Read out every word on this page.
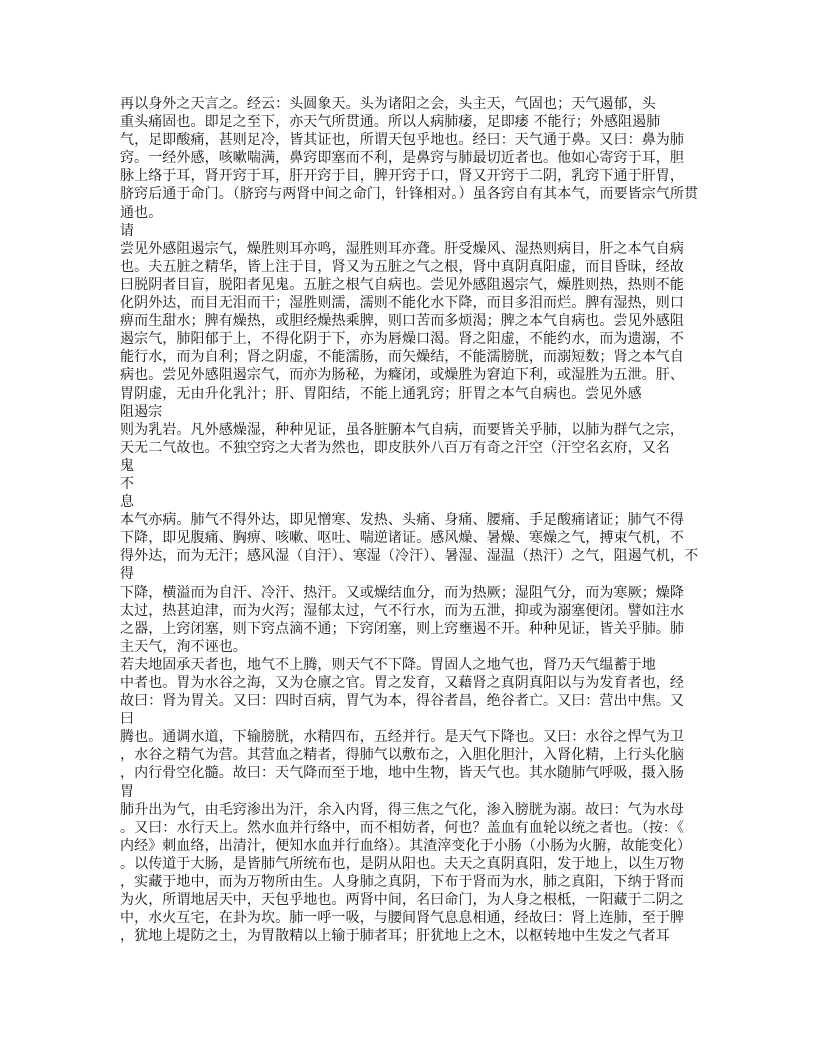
再以身外之天言之。经云：头圆象天。头为诸阳之会，头主天，气固也；天气遏郁，头
重头痛固也。即足之至下，亦天气所贯通。所以人病肺痿，足即痿 不能行；外感阻遏肺
气，足即酸痛，甚则足冷，皆其证也，所谓天包乎地也。经曰：天气通于鼻。又曰：鼻为肺
窍。一经外感，咳嗽喘满，鼻窍即塞而不利，是鼻窍与肺最切近者也。他如心寄窍于耳，胆
脉上络于耳，肾开窍于耳，肝开窍于目，脾开窍于口，肾又开窍于二阴，乳窍下通于肝胃，
脐窍后通于命门。（脐窍与两肾中间之命门，针锋相对。）虽各窍自有其本气，而要皆宗气所贯
通也。
请
尝见外感阻遏宗气，燥胜则耳亦鸣，湿胜则耳亦聋。肝受燥风、湿热则病目，肝之本气自病
也。夫五脏之精华，皆上注于目，肾又为五脏之气之根，肾中真阴真阳虚，而目昏昧，经故
曰脱阴者目盲，脱阳者见鬼。五脏之根气自病也。尝见外感阻遏宗气，燥胜则热，热则不能
化阴外达，而目无泪而干；湿胜则濡，濡则不能化水下降，而目多泪而烂。脾有湿热，则口
痹而生甜水；脾有燥热，或胆经燥热乘脾，则口苦而多烦渴；脾之本气自病也。尝见外感阻
遏宗气，肺阳郁于上，不得化阴于下，亦为唇燥口渴。肾之阳虚，不能约水，而为遗溺，不
能行水，而为自利；肾之阴虚，不能濡肠，而矢燥结，不能濡膀胱，而溺短数；肾之本气自
病也。尝见外感阻遏宗气，而亦为肠秘，为癃闭，或燥胜为窘迫下利，或湿胜为五泄。肝、
胃阴虚，无由升化乳汁；肝、胃阳结，不能上通乳窍；肝胃之本气自病也。尝见外感
阻遏宗
则为乳岩。凡外感燥湿，种种见证，虽各脏腑本气自病，而要皆关乎肺，以肺为群气之宗，
天无二气故也。不独空窍之大者为然也，即皮肤外八百万有奇之汗空（汗空名玄府，又名
鬼
不
息
本气亦病。肺气不得外达，即见憎寒、发热、头痛、身痛、腰痛、手足酸痛诸证；肺气不得
下降，即见腹痛、胸痹、咳嗽、呕吐、喘逆诸证。感风燥、暑燥、寒燥之气，搏束气机，不
得外达，而为无汗；感风湿（自汗）、寒湿（冷汗）、暑湿、湿温（热汗）之气，阻遏气机，不
得
下降，横溢而为自汗、冷汗、热汗。又或燥结血分，而为热厥；湿阻气分，而为寒厥；燥降
太过，热甚迫津，而为火泻；湿郁太过，气不行水，而为五泄，抑或为溺塞便闭。譬如注水
之器，上窍闭塞，则下窍点滴不通；下窍闭塞，则上窍壅遏不开。种种见证，皆关乎肺。肺
主天气，洵不诬也。
若夫地固承天者也，地气不上腾，则天气不下降。胃固人之地气也，肾乃天气缊蓄于地
中者也。胃为水谷之海，又为仓廪之官。胃之发育，又藉肾之真阴真阳以与为发育者也，经
故曰：肾为胃关。又曰：四时百病，胃气为本，得谷者昌，绝谷者亡。又曰：营出中焦。又
曰
腾也。通调水道，下输膀胱，水精四布，五经并行。是天气下降也。又曰：水谷之悍气为卫
，水谷之精气为营。其营血之精者，得肺气以敷布之，入胆化胆汁，入肾化精，上行头化脑
，内行骨空化髓。故曰：天气降而至于地，地中生物，皆天气也。其水随肺气呼吸，摄入肠
胃
肺升出为气，由毛窍渗出为汗，余入内肾，得三焦之气化，渗入膀胱为溺。故曰：气为水母
。又曰：水行天上。然水血并行络中，而不相妨者，何也？盖血有血轮以统之者也。（按：《
内经》刺血络，出清汁，便知水血并行血络）。其渣滓变化于小肠（小肠为火腑，故能变化）
。以传道于大肠，是皆肺气所统布也，是阴从阳也。夫天之真阴真阳，发于地上，以生万物
，实藏于地中，而为万物所由生。人身肺之真阴，下布于肾而为水，肺之真阳，下纳于肾而
为火，所谓地居天中，天包乎地也。两肾中间，名曰命门，为人身之根柢，一阳藏于二阴之
中，水火互宅，在卦为坎。肺一呼一吸，与腰间肾气息息相通，经故曰：肾上连肺，至于脾
，犹地上堤防之土，为胃散精以上输于肺者耳；肝犹地上之木，以枢转地中生发之气者耳
